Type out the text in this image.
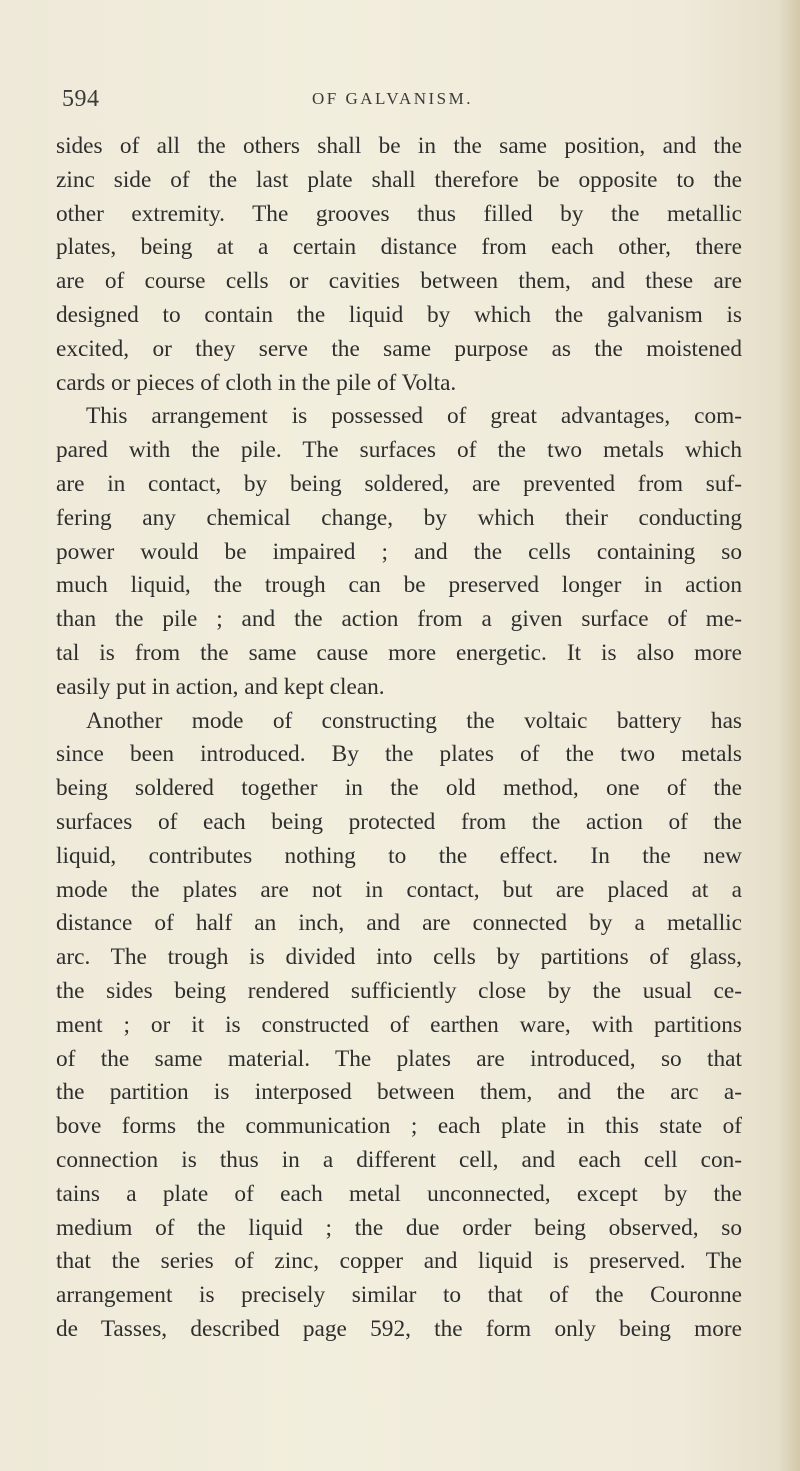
594	OF GALVANISM.
sides of all the others shall be in the same position, and the
zinc side of the last plate shall therefore be opposite to the
other extremity. The grooves thus filled by the metallic
plates, being at a certain distance from each other, there
are of course cells or cavities between them, and these are
designed to contain the liquid by which the galvanism is
excited, or they serve the same purpose as the moistened
cards or pieces of cloth in the pile of Volta.
This arrangement is possessed of great advantages, com-
pared with the pile. The surfaces of the two metals which
are in contact, by being soldered, are prevented from suf-
fering any chemical change, by which their conducting
power would be impaired ; and the cells containing so
much liquid, the trough can be preserved longer in action
than the pile ; and the action from a given surface of me-
tal is from the same cause more energetic. It is also more
easily put in action, and kept clean.
Another mode of constructing the voltaic battery has
since been introduced. By the plates of the two metals
being soldered together in the old method, one of the
surfaces of each being protected from the action of the
liquid, contributes nothing to the effect. In the new
mode the plates are not in contact, but are placed at a
distance of half an inch, and are connected by a metallic
arc. The trough is divided into cells by partitions of glass,
the sides being rendered sufficiently close by the usual ce-
ment ; or it is constructed of earthen ware, with partitions
of the same material. The plates are introduced, so that
the partition is interposed between them, and the arc a-
bove forms the communication ; each plate in this state of
connection is thus in a different cell, and each cell con-
tains a plate of each metal unconnected, except by the
medium of the liquid ; the due order being observed, so
that the series of zinc, copper and liquid is preserved. The
arrangement is precisely similar to that of the Couronne
de Tasses, described page 592, the form only being more
